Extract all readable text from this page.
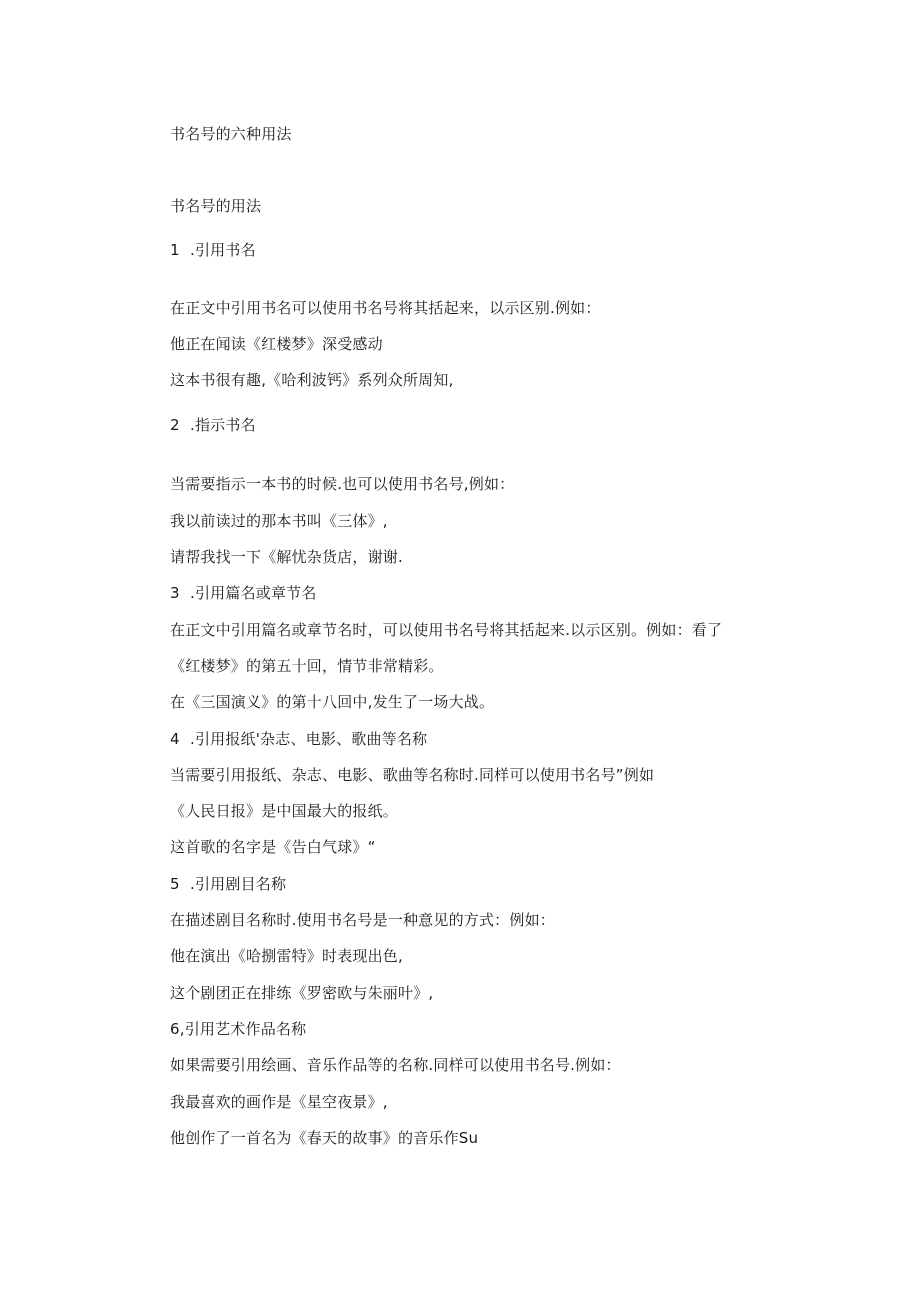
书名号的六种用法
书名号的用法
1 .引用书名
在正文中引用书名可以使用书名号将其括起来，以示区别.例如：
他正在闻读《红楼梦》深受感动
这本书很有趣,《哈利波钙》系列众所周知,
2 .指示书名
当需要指示一本书的时候.也可以使用书名号,例如：
我以前读过的那本书叫《三体》,
请帮我找一下《解忧杂货店，谢谢.
3 .引用篇名或章节名
在正文中引用篇名或章节名时，可以使用书名号将其括起来.以示区别。例如：看了
《红楼梦》的第五十回，情节非常精彩。
在《三国演义》的第十八回中,发生了一场大战。
4 .引用报纸'杂志、电影、歌曲等名称
当需要引用报纸、杂志、电影、歌曲等名称时.同样可以使用书名号”例如
《人民日报》是中国最大的报纸。
这首歌的名字是《告白气球》“
5 .引用剧目名称
在描述剧目名称时.使用书名号是一种意见的方式：例如：
他在演出《哈捌雷特》时表现出色,
这个剧团正在排练《罗密欧与朱丽叶》,
6,引用艺术作品名称
如果需要引用绘画、音乐作品等的名称.同样可以使用书名号.例如：
我最喜欢的画作是《星空夜景》,
他创作了一首名为《春天的故事》的音乐作Su
